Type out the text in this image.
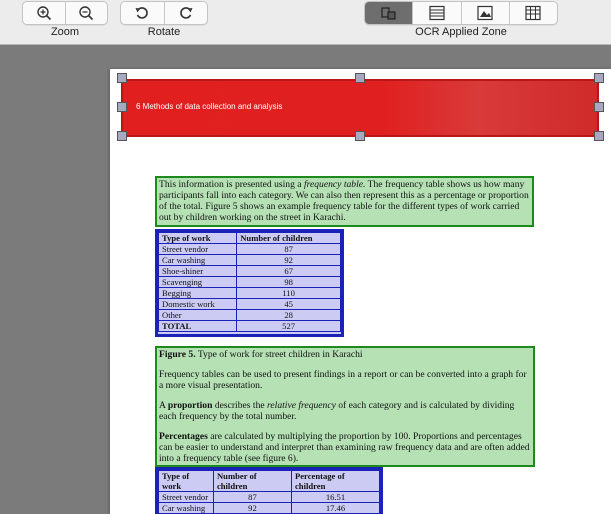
Zoom	Rotate	OCR Applied Zone
6 Methods of data collection and analysis
This information is presented using a frequency table. The frequency table shows us how many participants fall into each category. We can also then represent this as a percentage or proportion of the total. Figure 5 shows an example frequency table for the different types of work carried out by children working on the street in Karachi.
Type of work	Number of children
Street vendor	87
Car washing	92
Shoe-shiner	67
Scavenging	98
Begging	110
Domestic work	45
Other	28
TOTAL	527

Figure 5. Type of work for street children in Karachi

Frequency tables can be used to present findings in a report or can be converted into a graph for a more visual presentation.

A proportion describes the relative frequency of each category and is calculated by dividing each frequency by the total number.

Percentages are calculated by multiplying the proportion by 100. Proportions and percentages can be easier to understand and interpret than examining raw frequency data and are often added into a frequency table (see figure 6).

Type of work	Number of children	Percentage of children
Street vendor	87	16.51
Car washing	92	17.46
